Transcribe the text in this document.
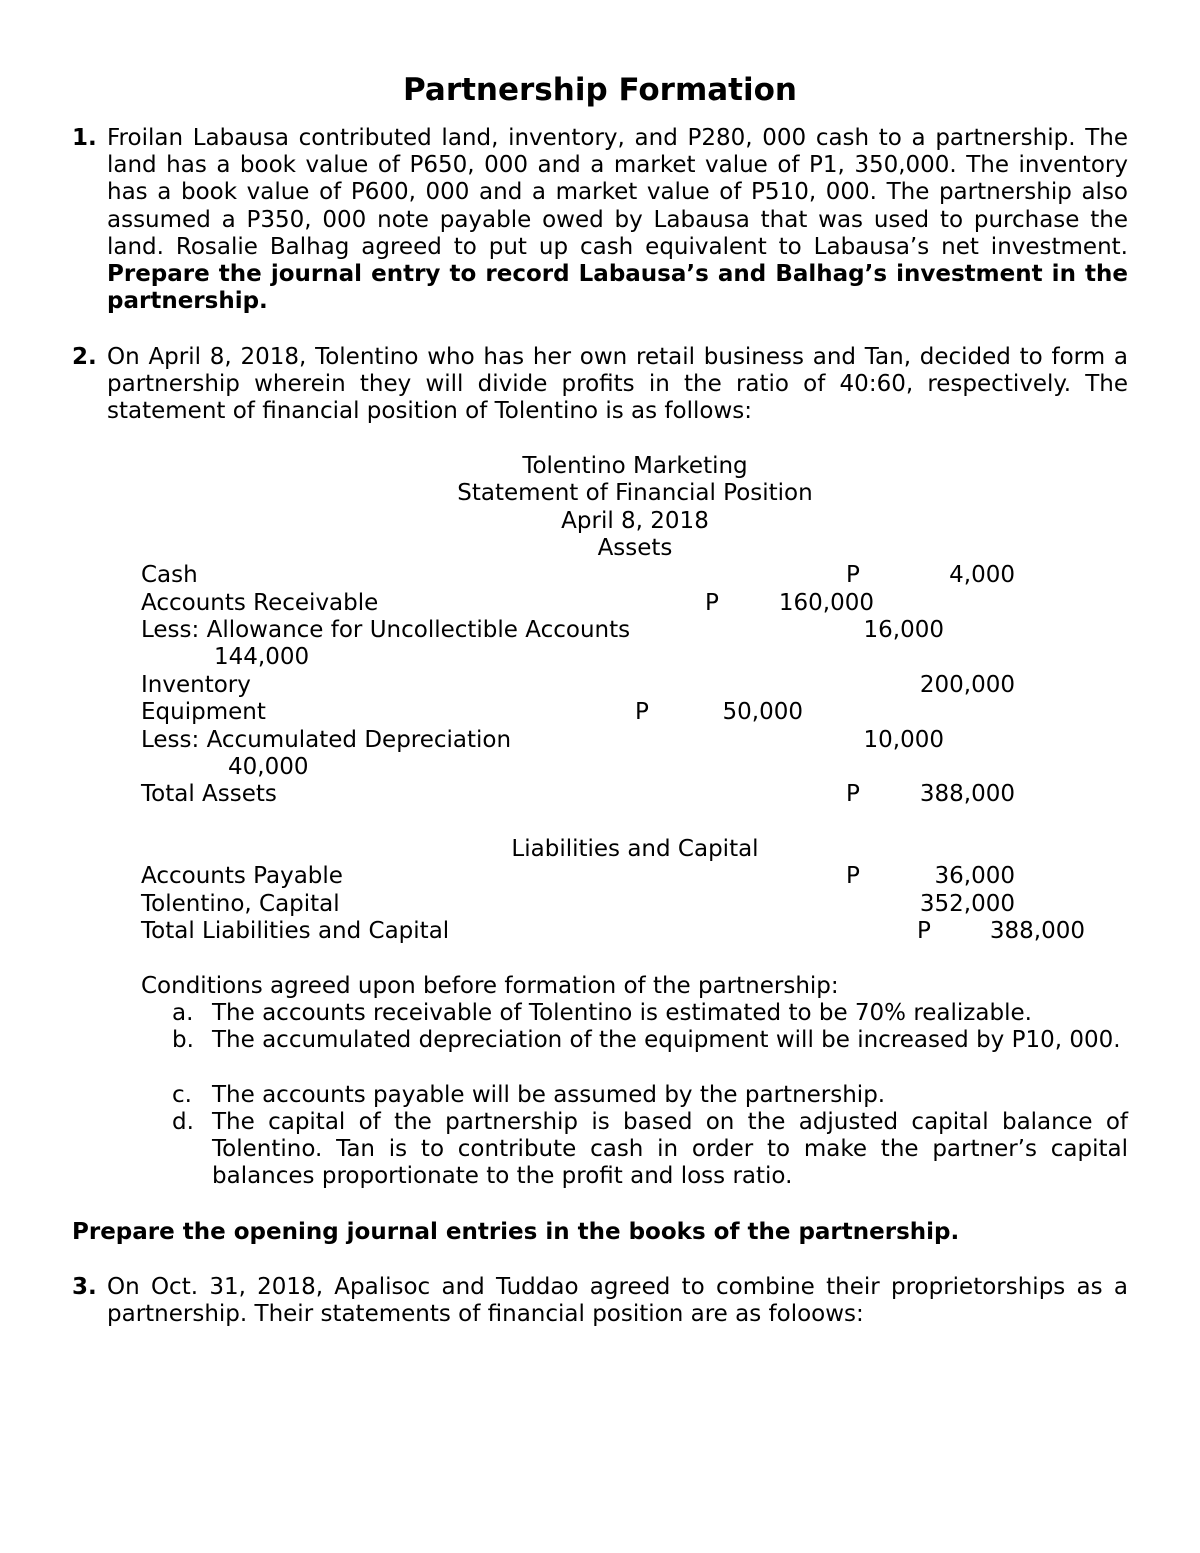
Partnership Formation
1. Froilan Labausa contributed land, inventory, and P280, 000 cash to a partnership. The land has a book value of P650, 000 and a market value of P1, 350,000. The inventory has a book value of P600, 000 and a market value of P510, 000. The partnership also assumed a P350, 000 note payable owed by Labausa that was used to purchase the land. Rosalie Balhag agreed to put up cash equivalent to Labausa’s net investment. Prepare the journal entry to record Labausa’s and Balhag’s investment in the partnership.
2. On April 8, 2018, Tolentino who has her own retail business and Tan, decided to form a partnership wherein they will divide profits in the ratio of 40:60, respectively. The statement of financial position of Tolentino is as follows:
Tolentino Marketing
Statement of Financial Position
April 8, 2018
Assets
Cash	P	4,000
Accounts Receivable	P	160,000
Less: Allowance for Uncollectible Accounts	16,000
144,000
Inventory	200,000
Equipment	P	50,000
Less: Accumulated Depreciation	10,000
40,000
Total Assets	P	388,000
Liabilities and Capital
Accounts Payable	P	36,000
Tolentino, Capital	352,000
Total Liabilities and Capital	P	388,000
Conditions agreed upon before formation of the partnership:
a. The accounts receivable of Tolentino is estimated to be 70% realizable.
b. The accumulated depreciation of the equipment will be increased by P10, 000.
c. The accounts payable will be assumed by the partnership.
d. The capital of the partnership is based on the adjusted capital balance of Tolentino. Tan is to contribute cash in order to make the partner’s capital balances proportionate to the profit and loss ratio.
Prepare the opening journal entries in the books of the partnership.
3. On Oct. 31, 2018, Apalisoc and Tuddao agreed to combine their proprietorships as a partnership. Their statements of financial position are as foloows:
